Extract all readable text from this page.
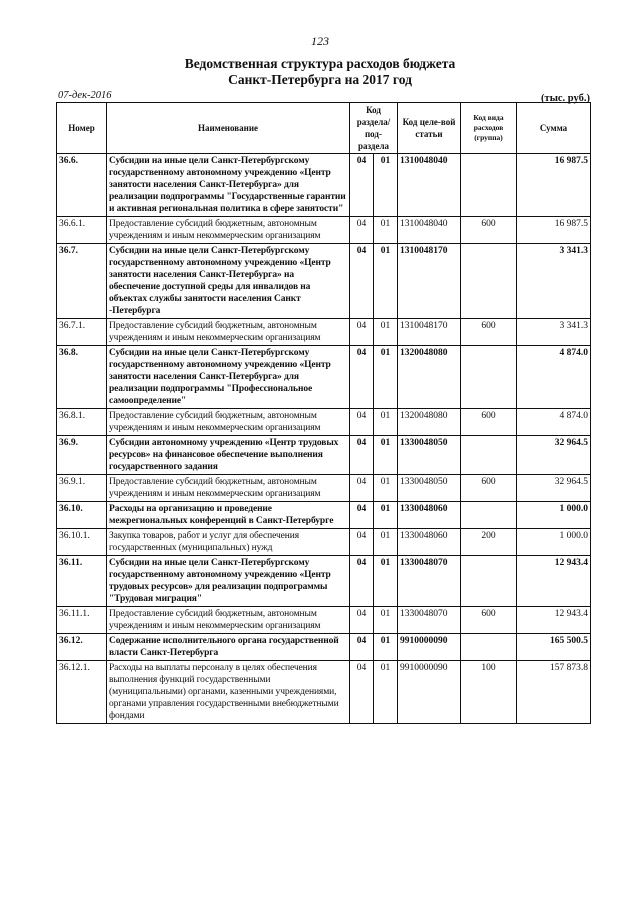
123
Ведомственная структура расходов бюджета
Санкт-Петербурга на 2017 год
07-дек-2016	(тыс. руб.)
Номер	Наименование	Код раздела/ под-раздела		Код целе-вой статьи	Код вида расходов (группа)	Сумма
36.6.	Субсидии на иные цели Санкт-Петербургскому государственному автономному учреждению «Центр занятости населения Санкт-Петербурга» для реализации подпрограммы "Государственные гарантии и активная региональная политика в сфере занятости"	04	01	1310048040		16 987.5
36.6.1.	Предоставление субсидий бюджетным, автономным учреждениям и иным некоммерческим организациям	04	01	1310048040	600	16 987.5
36.7.	Субсидии на иные цели Санкт-Петербургскому государственному автономному учреждению «Центр занятости населения Санкт-Петербурга» на обеспечение доступной среды для инвалидов на объектах службы занятости населения Санкт -Петербурга	04	01	1310048170		3 341.3
36.7.1.	Предоставление субсидий бюджетным, автономным учреждениям и иным некоммерческим организациям	04	01	1310048170	600	3 341.3
36.8.	Субсидии на иные цели Санкт-Петербургскому государственному автономному учреждению «Центр занятости населения Санкт-Петербурга» для реализации подпрограммы "Профессиональное самоопределение"	04	01	1320048080		4 874.0
36.8.1.	Предоставление субсидий бюджетным, автономным учреждениям и иным некоммерческим организациям	04	01	1320048080	600	4 874.0
36.9.	Субсидии автономному учреждению «Центр трудовых ресурсов» на финансовое обеспечение выполнения государственного задания	04	01	1330048050		32 964.5
36.9.1.	Предоставление субсидий бюджетным, автономным учреждениям и иным некоммерческим организациям	04	01	1330048050	600	32 964.5
36.10.	Расходы на организацию и проведение межрегиональных конференций в Санкт-Петербурге	04	01	1330048060		1 000.0
36.10.1.	Закупка товаров, работ и услуг для обеспечения государственных (муниципальных) нужд	04	01	1330048060	200	1 000.0
36.11.	Субсидии на иные цели Санкт-Петербургскому государственному автономному учреждению «Центр трудовых ресурсов» для реализации подпрограммы "Трудовая миграция"	04	01	1330048070		12 943.4
36.11.1.	Предоставление субсидий бюджетным, автономным учреждениям и иным некоммерческим организациям	04	01	1330048070	600	12 943.4
36.12.	Содержание исполнительного органа государственной власти Санкт-Петербурга	04	01	9910000090		165 500.5
36.12.1.	Расходы на выплаты персоналу в целях обеспечения выполнения функций государственными (муниципальными) органами, казенными учреждениями, органами управления государственными внебюджетными фондами	04	01	9910000090	100	157 873.8
